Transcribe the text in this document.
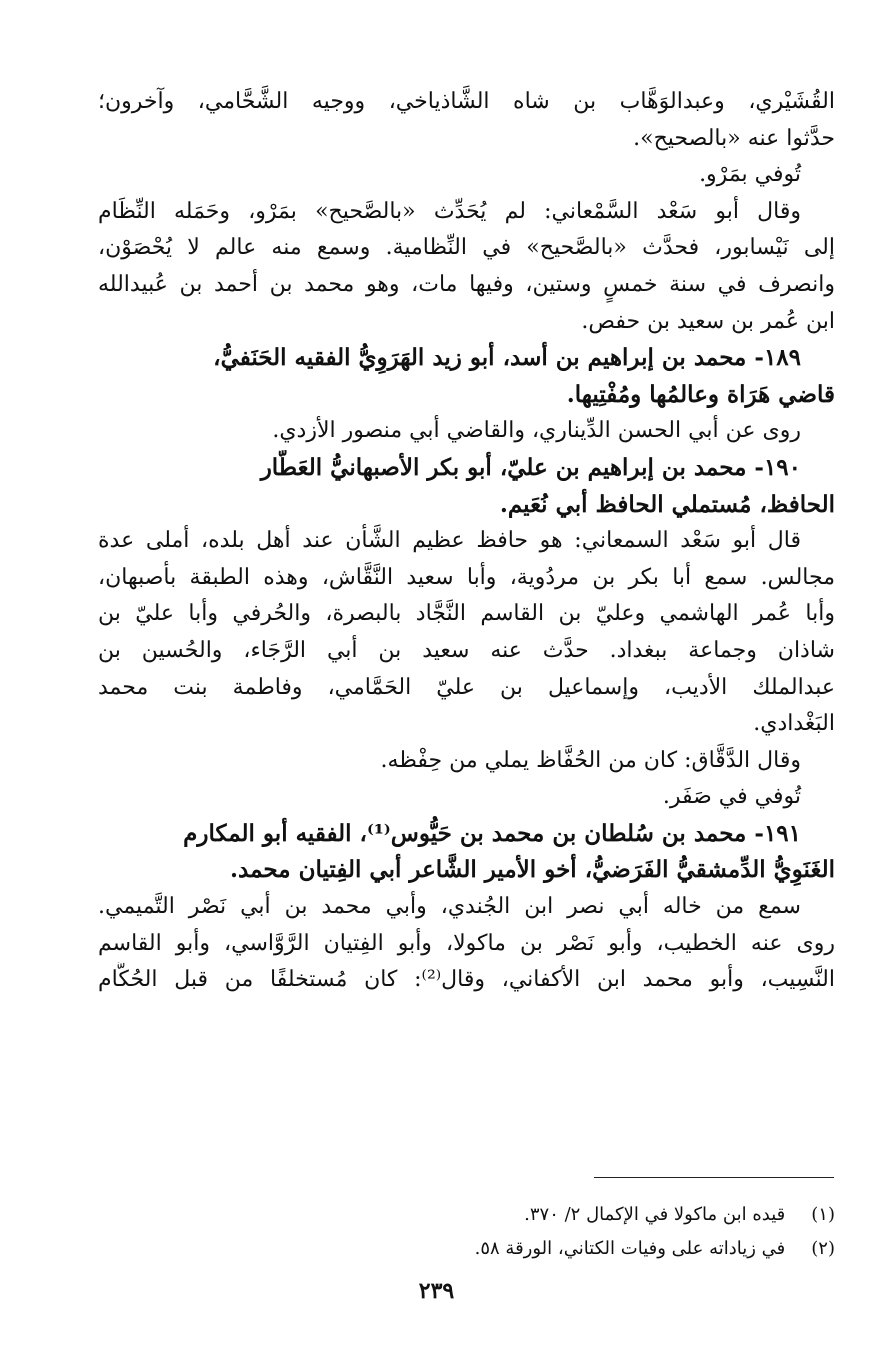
القُشَيْري، وعبدالوَهَّاب بن شاه الشَّاذياخي، ووجيه الشَّحَّامي، وآخرون؛
حدَّثوا عنه «بالصحيح».
تُوفي بمَرْو.
وقال أبو سَعْد السَّمْعاني: لم يُحَدِّث «بالصَّحيح» بمَرْو، وحَمَله النِّظَام
إلى نَيْسابور، فحدَّث «بالصَّحيح» في النِّظامية. وسمع منه عالم لا يُحْصَوْن،
وانصرف في سنة خمسٍ وستين، وفيها مات، وهو محمد بن أحمد بن عُبيدالله
ابن عُمر بن سعيد بن حفص.
١٨٩- محمد بن إبراهيم بن أسد، أبو زيد الهَرَوِيُّ الفقيه الحَنَفيُّ،
قاضي هَرَاة وعالمُها ومُفْتِيها.
روى عن أبي الحسن الدِّيناري، والقاضي أبي منصور الأزدي.
١٩٠- محمد بن إبراهيم بن عليّ، أبو بكر الأصبهانيُّ العَطَّار
الحافظ، مُستملي الحافظ أبي نُعَيم.
قال أبو سَعْد السمعاني: هو حافظ عظيم الشَّأن عند أهل بلده، أملى عدة
مجالس. سمع أبا بكر بن مردُوية، وأبا سعيد النَّقَّاش، وهذه الطبقة بأصبهان،
وأبا عُمر الهاشمي وعليّ بن القاسم النَّجَّاد بالبصرة، والحُرفي وأبا عليّ بن
شاذان وجماعة ببغداد. حدَّث عنه سعيد بن أبي الرَّجَاء، والحُسين بن
عبدالملك الأديب، وإسماعيل بن عليّ الحَمَّامي، وفاطمة بنت محمد
البَغْدادي.
وقال الدَّقَّاق: كان من الحُفَّاظ يملي من حِفْظه.
تُوفي في صَفَر.
١٩١- محمد بن سُلطان بن محمد بن حَيُّوس⁽¹⁾، الفقيه أبو المكارم
الغَنَوِيُّ الدِّمشقيُّ الفَرَضيُّ، أخو الأمير الشَّاعر أبي الفِتيان محمد.
سمع من خاله أبي نصر ابن الجُندي، وأبي محمد بن أبي نَصْر التَّميمي.
روى عنه الخطيب، وأبو نَصْر بن ماكولا، وأبو الفِتيان الرَّوَّاسي، وأبو القاسم
النَّسِيب، وأبو محمد ابن الأكفاني، وقال⁽²⁾: كان مُستخلفًا من قبل الحُكَّام
(١) قيده ابن ماكولا في الإكمال ٢/ ٣٧٠.
(٢) في زياداته على وفيات الكتاني، الورقة ٥٨.
٢٣٩
